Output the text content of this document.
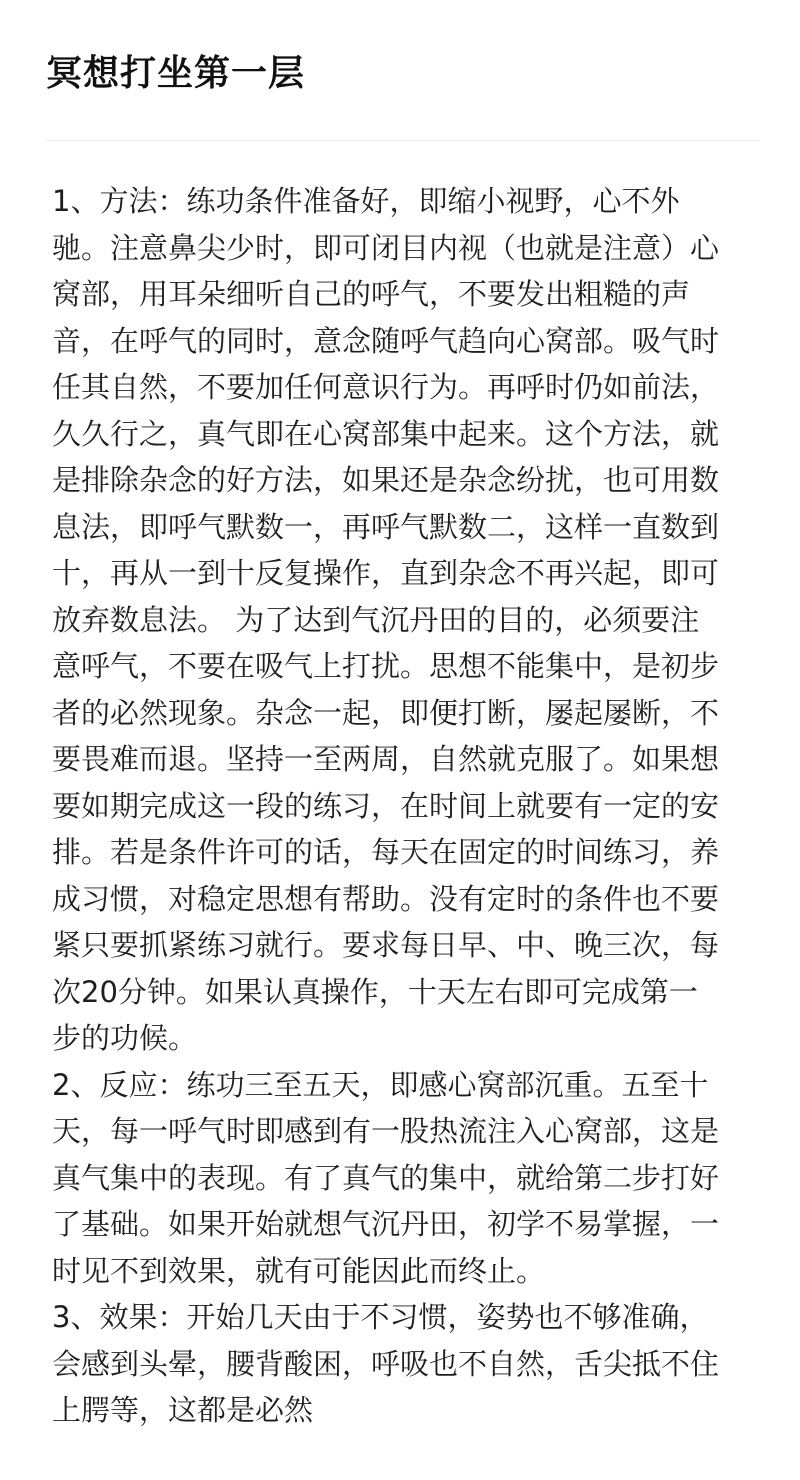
冥想打坐第一层
1、方法：练功条件准备好，即缩小视野，心不外
驰。注意鼻尖少时，即可闭目内视（也就是注意）心
窝部，用耳朵细听自己的呼气，不要发出粗糙的声
音，在呼气的同时，意念随呼气趋向心窝部。吸气时
任其自然，不要加任何意识行为。再呼时仍如前法，
久久行之，真气即在心窝部集中起来。这个方法，就
是排除杂念的好方法，如果还是杂念纷扰，也可用数
息法，即呼气默数一，再呼气默数二，这样一直数到
十，再从一到十反复操作，直到杂念不再兴起，即可
放弃数息法。 为了达到气沉丹田的目的，必须要注
意呼气，不要在吸气上打扰。思想不能集中，是初步
者的必然现象。杂念一起，即便打断，屡起屡断，不
要畏难而退。坚持一至两周，自然就克服了。如果想
要如期完成这一段的练习，在时间上就要有一定的安
排。若是条件许可的话，每天在固定的时间练习，养
成习惯，对稳定思想有帮助。没有定时的条件也不要
紧只要抓紧练习就行。要求每日早、中、晚三次，每
次20分钟。如果认真操作，十天左右即可完成第一
步的功候。
2、反应：练功三至五天，即感心窝部沉重。五至十
天，每一呼气时即感到有一股热流注入心窝部，这是
真气集中的表现。有了真气的集中，就给第二步打好
了基础。如果开始就想气沉丹田，初学不易掌握，一
时见不到效果，就有可能因此而终止。
3、效果：开始几天由于不习惯，姿势也不够准确，
会感到头晕，腰背酸困，呼吸也不自然，舌尖抵不住
上腭等，这都是必然
